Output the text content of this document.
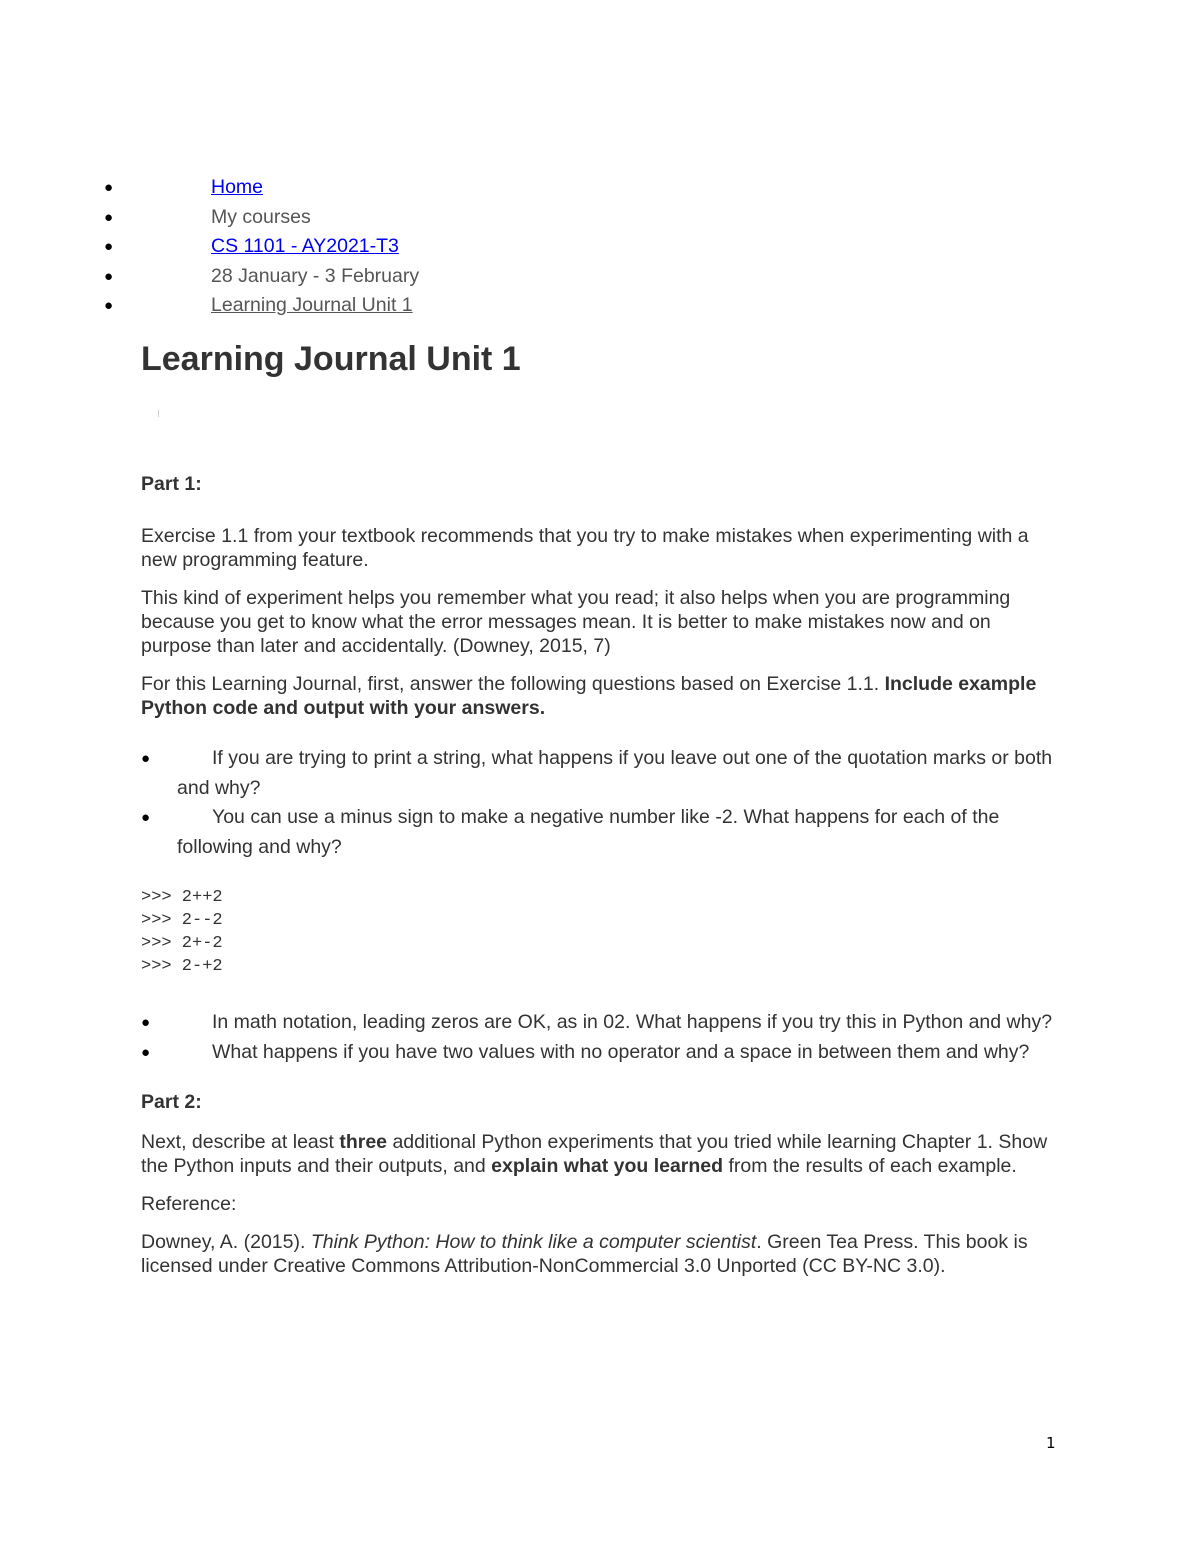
●	Home
●	My courses
●	CS 1101 - AY2021-T3
●	28 January - 3 February
●	Learning Journal Unit 1
Learning Journal Unit 1

Part 1:

Exercise 1.1 from your textbook recommends that you try to make mistakes when experimenting with a new programming feature.

This kind of experiment helps you remember what you read; it also helps when you are programming because you get to know what the error messages mean. It is better to make mistakes now and on purpose than later and accidentally. (Downey, 2015, 7)

For this Learning Journal, first, answer the following questions based on Exercise 1.1. Include example Python code and output with your answers.

●	If you are trying to print a string, what happens if you leave out one of the quotation marks or both and why?
●	You can use a minus sign to make a negative number like -2. What happens for each of the following and why?
>>> 2++2
>>> 2--2
>>> 2+-2
>>> 2-+2
●	In math notation, leading zeros are OK, as in 02. What happens if you try this in Python and why?
●	What happens if you have two values with no operator and a space in between them and why?

Part 2:

Next, describe at least three additional Python experiments that you tried while learning Chapter 1. Show the Python inputs and their outputs, and explain what you learned from the results of each example.

Reference:

Downey, A. (2015). Think Python: How to think like a computer scientist. Green Tea Press. This book is licensed under Creative Commons Attribution-NonCommercial 3.0 Unported (CC BY-NC 3.0).

1
